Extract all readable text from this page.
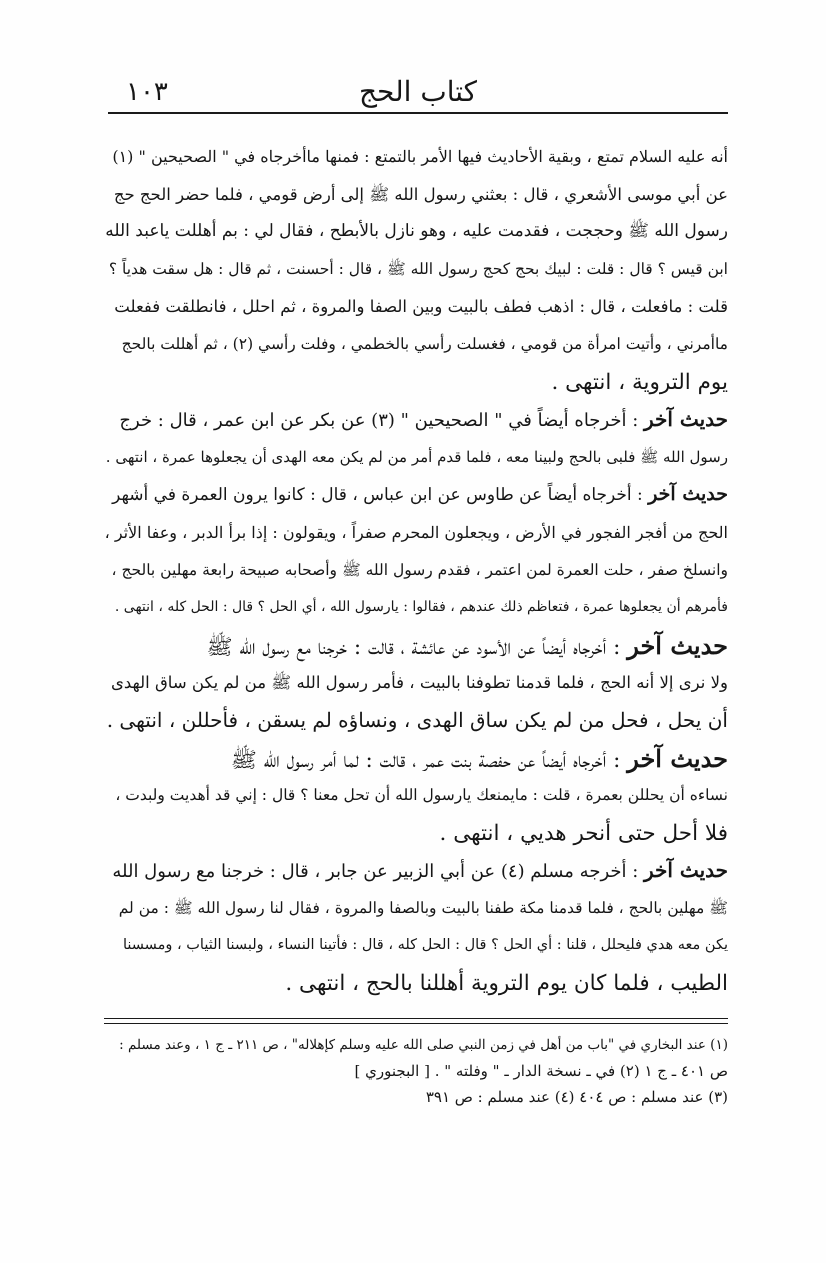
كتاب الحج
١٠٣
أنه عليه السلام تمتع ، وبقية الأحاديث فيها الأمر بالتمتع : فمنها ماأخرجاه في " الصحيحين " (١)
عن أبي موسى الأشعري ، قال : بعثني رسول الله ﷺ إلى أرض قومي ، فلما حضر الحج حج
رسول الله ﷺ وحججت ، فقدمت عليه ، وهو نازل بالأبطح ، فقال لي : بم أهللت ياعبد الله
ابن قيس ؟ قال : قلت : لبيك بحج كحج رسول الله ﷺ ، قال : أحسنت ، ثم قال : هل سقت هدياً ؟
قلت : مافعلت ، قال : اذهب فطف بالبيت وبين الصفا والمروة ، ثم احلل ، فانطلقت ففعلت
ماأمرني ، وأتيت امرأة من قومي ، فغسلت رأسي بالخطمي ، وفلت رأسي (٢) ، ثم أهللت بالحج
يوم التروية ، انتهى .
حديث آخر : أخرجاه أيضاً في " الصحيحين " (٣) عن بكر عن ابن عمر ، قال : خرج
رسول الله ﷺ فلبى بالحج ولبينا معه ، فلما قدم أمر من لم يكن معه الهدى أن يجعلوها عمرة ، انتهى .
حديث آخر : أخرجاه أيضاً عن طاوس عن ابن عباس ، قال : كانوا يرون العمرة في أشهر
الحج من أفجر الفجور في الأرض ، ويجعلون المحرم صفراً ، ويقولون : إذا برأ الدبر ، وعفا الأثر ،
وانسلخ صفر ، حلت العمرة لمن اعتمر ، فقدم رسول الله ﷺ وأصحابه صبيحة رابعة مهلين بالحج ،
فأمرهم أن يجعلوها عمرة ، فتعاظم ذلك عندهم ، فقالوا : يارسول الله ، أي الحل ؟ قال : الحل كله ، انتهى .
حديث آخر : أخرجاه أيضاً عن الأسود عن عائشة ، قالت : خرجنا مع رسول الله ﷺ
ولا نرى إلا أنه الحج ، فلما قدمنا تطوفنا بالبيت ، فأمر رسول الله ﷺ من لم يكن ساق الهدى
أن يحل ، فحل من لم يكن ساق الهدى ، ونساؤه لم يسقن ، فأحللن ، انتهى .
حديث آخر : أخرجاه أيضاً عن حفصة بنت عمر ، قالت : لما أمر رسول الله ﷺ
نساءه أن يحللن بعمرة ، قلت : مايمنعك يارسول الله أن تحل معنا ؟ قال : إني قد أهديت ولبدت ،
فلا أحل حتى أنحر هديي ، انتهى .
حديث آخر : أخرجه مسلم (٤) عن أبي الزبير عن جابر ، قال : خرجنا مع رسول الله
ﷺ مهلين بالحج ، فلما قدمنا مكة طفنا بالبيت وبالصفا والمروة ، فقال لنا رسول الله ﷺ : من لم
يكن معه هدي فليحلل ، قلنا : أي الحل ؟ قال : الحل كله ، قال : فأتينا النساء ، ولبسنا الثياب ، ومسسنا
الطيب ، فلما كان يوم التروية أهللنا بالحج ، انتهى .
(١) عند البخاري في "باب من أهل في زمن النبي صلى الله عليه وسلم كإهلاله" ، ص ٢١١ ـ ج ١ ، وعند مسلم :
ص ٤٠١ ـ ج ١ (٢) في ـ نسخة الدار ـ " وفلته " . [ البجنوري ]
(٣) عند مسلم : ص ٤٠٤ (٤) عند مسلم : ص ٣٩١
